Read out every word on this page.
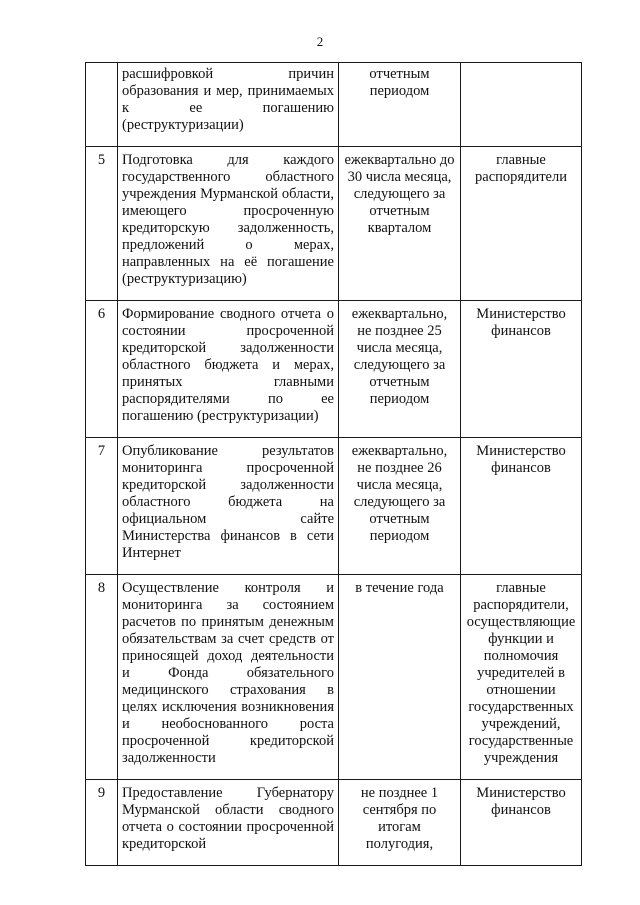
2
	расшифровкой причин образования и мер, принимаемых к ее погашению (реструктуризации)	отчетным периодом	
5	Подготовка для каждого государственного областного учреждения Мурманской области, имеющего просроченную кредиторскую задолженность, предложений о мерах, направленных на её погашение (реструктуризацию)	ежеквартально до 30 числа месяца, следующего за отчетным кварталом	главные распорядители
6	Формирование сводного отчета о состоянии просроченной кредиторской задолженности областного бюджета и мерах, принятых главными распорядителями по ее погашению (реструктуризации)	ежеквартально, не позднее 25 числа месяца, следующего за отчетным периодом	Министерство финансов
7	Опубликование результатов мониторинга просроченной кредиторской задолженности областного бюджета на официальном сайте Министерства финансов в сети Интернет	ежеквартально, не позднее 26 числа месяца, следующего за отчетным периодом	Министерство финансов
8	Осуществление контроля и мониторинга за состоянием расчетов по принятым денежным обязательствам за счет средств от приносящей доход деятельности и Фонда обязательного медицинского страхования в целях исключения возникновения и необоснованного роста просроченной кредиторской задолженности	в течение года	главные распорядители, осуществляющие функции и полномочия учредителей в отношении государственных учреждений, государственные учреждения
9	Предоставление Губернатору Мурманской области сводного отчета о состоянии просроченной кредиторской	не позднее 1 сентября по итогам полугодия,	Министерство финансов
